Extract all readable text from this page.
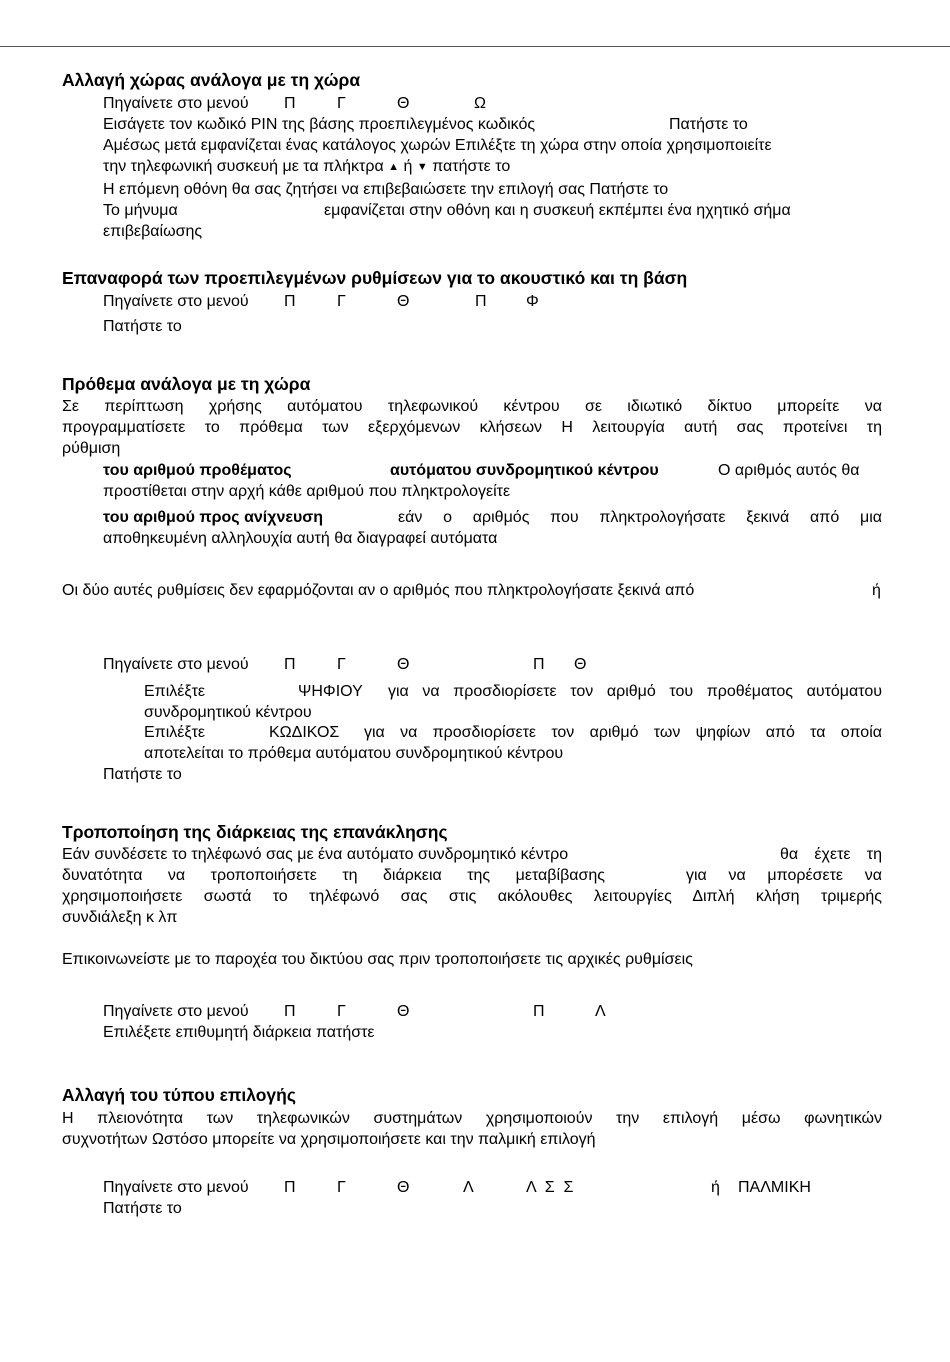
Αλλαγή χώρας ανάλογα με τη χώρα
Πηγαίνετε στο μενού Π	Γ	Θ	Ω
Εισάγετε τον κωδικό PIN της βάσης προεπιλεγμένος κωδικός	Πατήστε το
Αμέσως μετά εμφανίζεται ένας κατάλογος χωρών Επιλέξτε τη χώρα στην οποία χρησιμοποιείτε
την τηλεφωνική συσκευή με τα πλήκτρα ▲ ή ▼ πατήστε το
Η επόμενη οθόνη θα σας ζητήσει να επιβεβαιώσετε την επιλογή σας Πατήστε το
Το μήνυμα	εμφανίζεται στην οθόνη και η συσκευή εκπέμπει ένα ηχητικό σήμα
επιβεβαίωσης
Επαναφορά των προεπιλεγμένων ρυθμίσεων για το ακουστικό και τη βάση
Πηγαίνετε στο μενού Π	Γ	Θ	Π Φ
Πατήστε το
Πρόθεμα ανάλογα με τη χώρα
Σε περίπτωση χρήσης αυτόματου τηλεφωνικού κέντρου σε ιδιωτικό δίκτυο μπορείτε να
προγραμματίσετε το πρόθεμα των εξερχόμενων κλήσεων Η λειτουργία αυτή σας προτείνει τη
ρύθμιση
του αριθμού προθέματος	αυτόματου συνδρομητικού κέντρου	Ο αριθμός αυτός θα
προστίθεται στην αρχή κάθε αριθμού που πληκτρολογείτε
του αριθμού προς ανίχνευση	εάν ο αριθμός που πληκτρολογήσατε ξεκινά από μια
αποθηκευμένη αλληλουχία αυτή θα διαγραφεί αυτόματα
Οι δύο αυτές ρυθμίσεις δεν εφαρμόζονται αν ο αριθμός που πληκτρολογήσατε ξεκινά από	ή
Πηγαίνετε στο μενού Π	Γ	Θ	Π Θ
Επιλέξτε	ΨΗΦΙΟΥ για να προσδιορίσετε τον αριθμό του προθέματος αυτόματου
συνδρομητικού κέντρου
Επιλέξτε	ΚΩΔΙΚΟΣ για να προσδιορίσετε τον αριθμό των ψηφίων από τα οποία
αποτελείται το πρόθεμα αυτόματου συνδρομητικού κέντρου
Πατήστε το
Τροποποίηση της διάρκειας της επανάκλησης
Εάν συνδέσετε το τηλέφωνό σας με ένα αυτόματο συνδρομητικό κέντρο	θα έχετε τη
δυνατότητα να τροποποιήσετε τη διάρκεια της μεταβίβασης	για να μπορέσετε να
χρησιμοποιήσετε σωστά το τηλέφωνό σας στις ακόλουθες λειτουργίες Διπλή κλήση τριμερής
συνδιάλεξη κ λπ
Επικοινωνείστε με το παροχέα του δικτύου σας πριν τροποποιήσετε τις αρχικές ρυθμίσεις
Πηγαίνετε στο μενού Π	Γ	Θ	Π	Λ
Επιλέξετε επιθυμητή διάρκεια πατήστε
Αλλαγή του τύπου επιλογής
Η πλειονότητα των τηλεφωνικών συστημάτων χρησιμοποιούν την επιλογή μέσω φωνητικών
συχνοτήτων Ωστόσο μπορείτε να χρησιμοποιήσετε και την παλμική επιλογή
Πηγαίνετε στο μενού Π	Γ	Θ	Λ	Λ  Σ  Σ	ή ΠΑΛΜΙΚΗ
Πατήστε το
